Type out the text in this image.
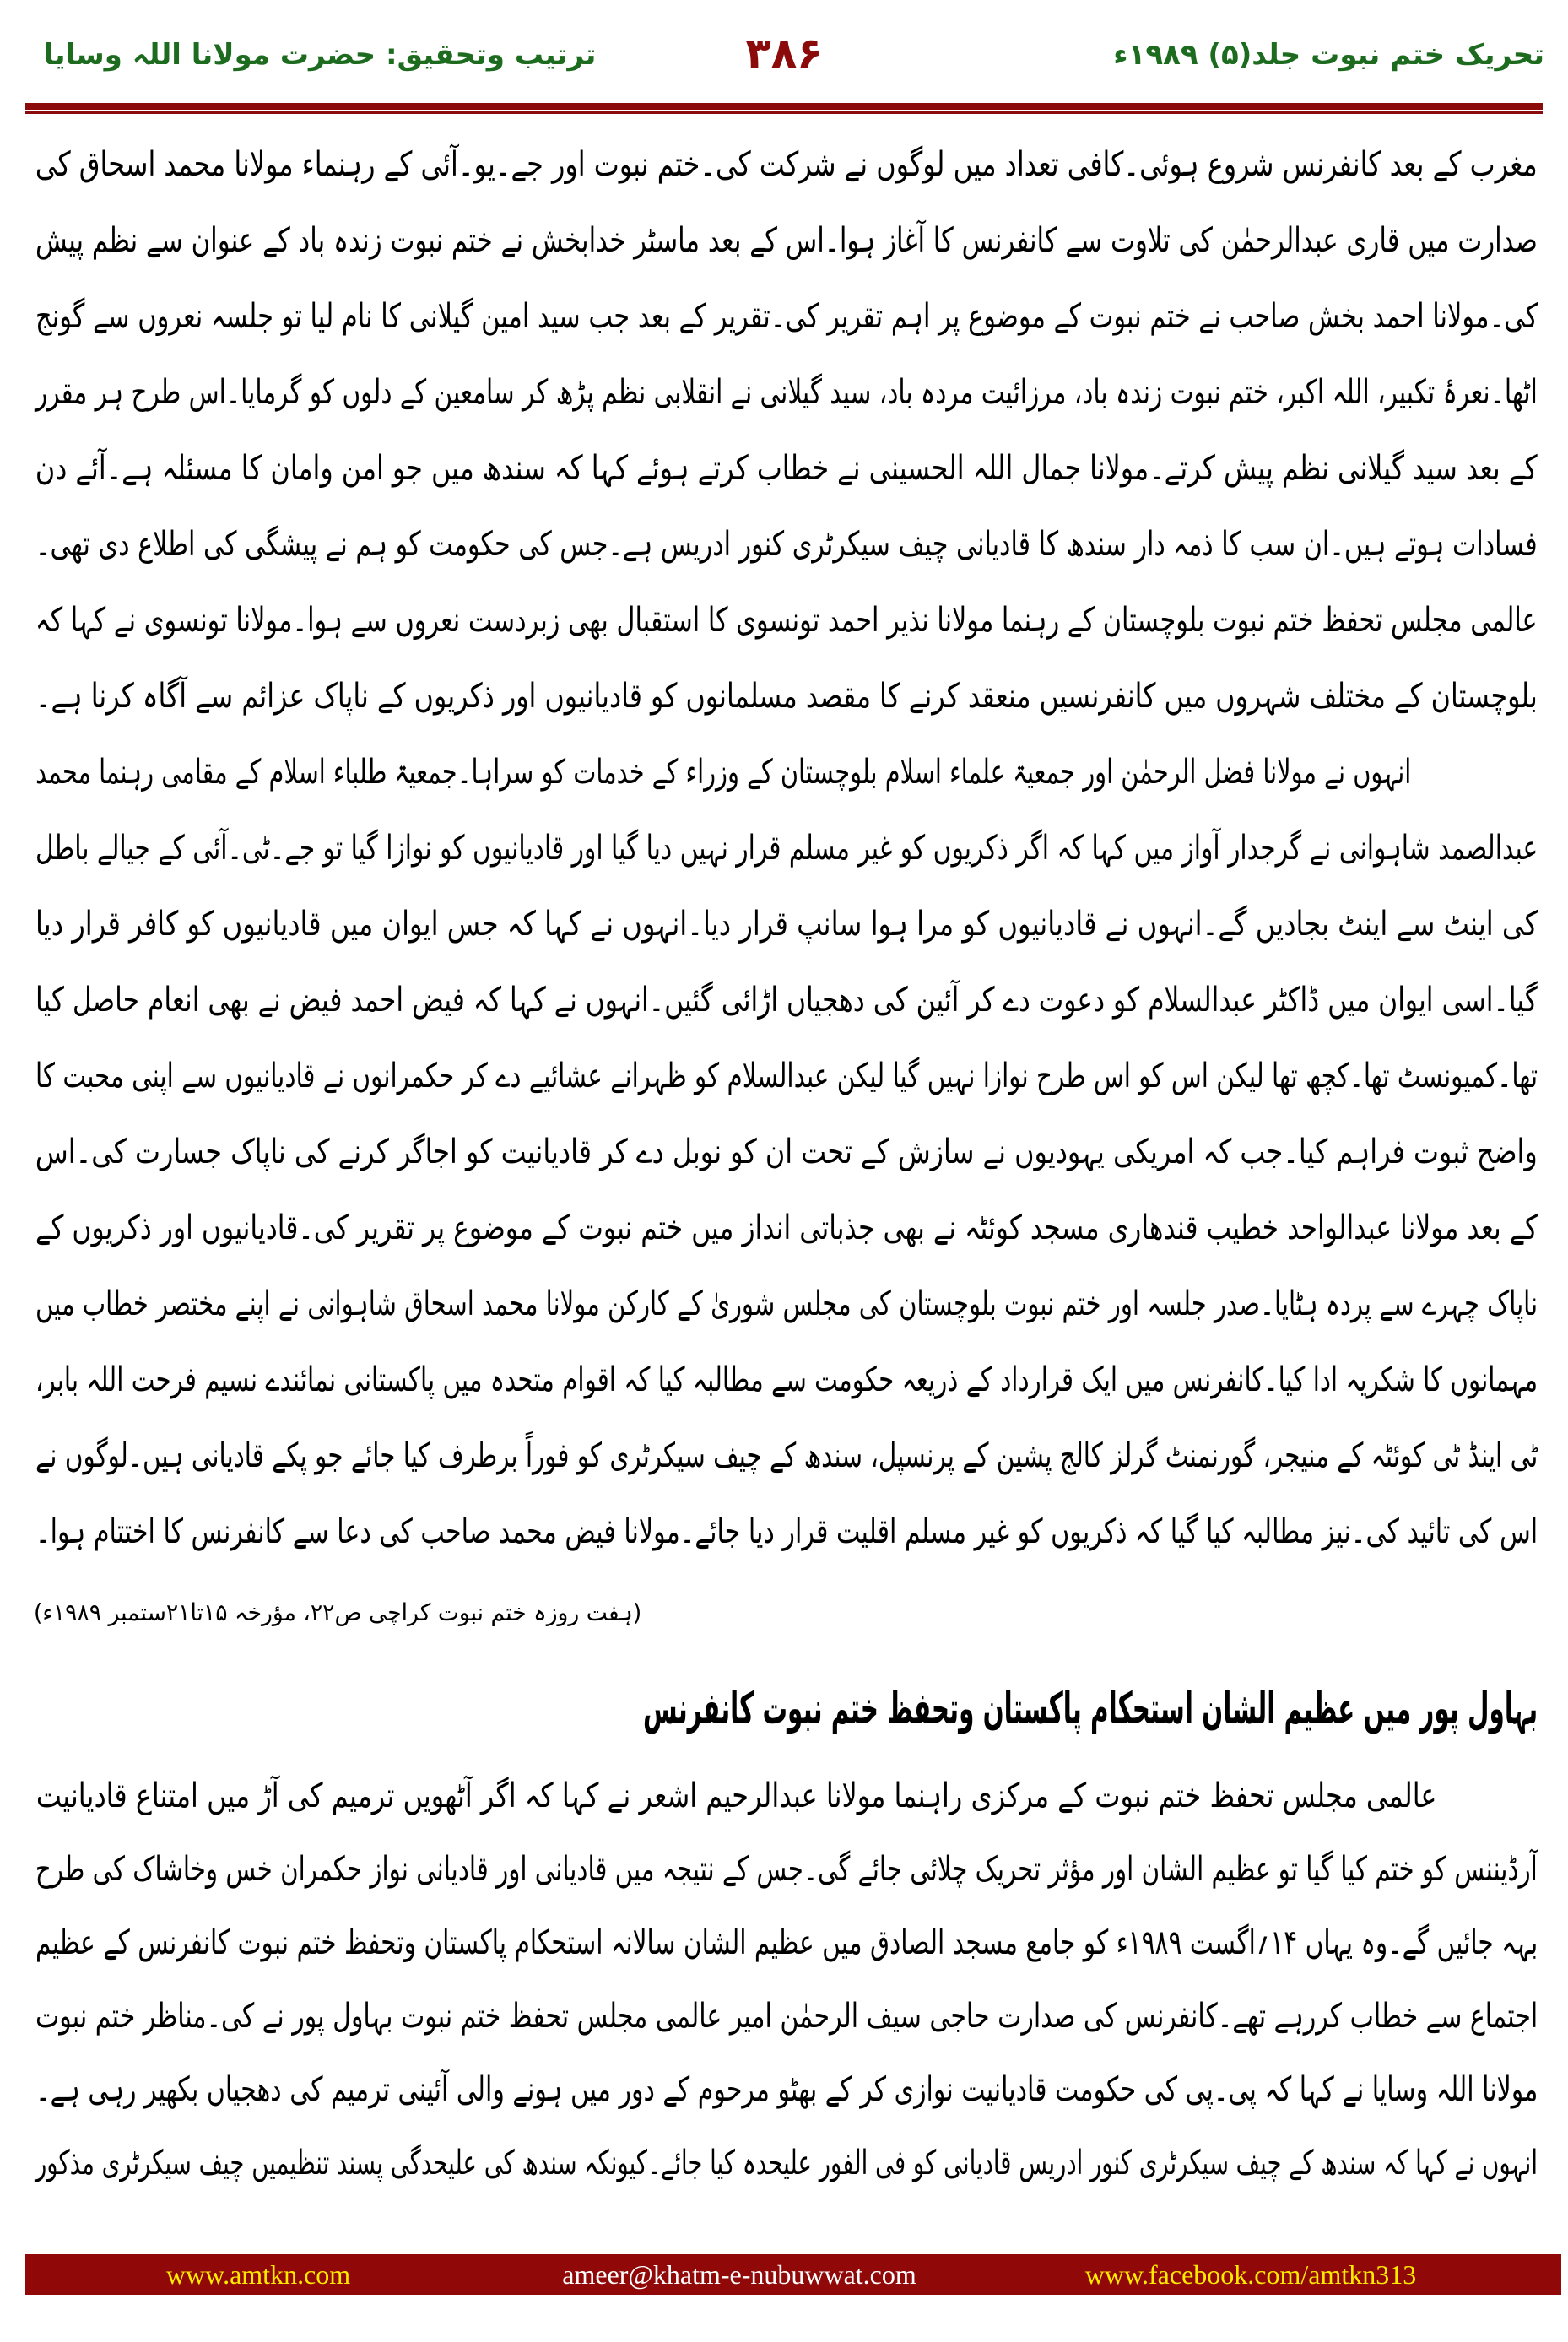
تحریک ختم نبوت جلد(۵) ۱۹۸۹ء
۳۸۶
ترتیب وتحقیق: حضرت مولانا اللہ وسایا
مغرب کے بعد کانفرنس شروع ہوئی۔کافی تعداد میں لوگوں نے شرکت کی۔ختم نبوت اور جے۔یو۔آئی کے رہنماء مولانا محمد اسحاق کی
صدارت میں قاری عبدالرحمٰن کی تلاوت سے کانفرنس کا آغاز ہوا۔اس کے بعد ماسٹر خدابخش نے ختم نبوت زندہ باد کے عنوان سے نظم پیش
کی۔مولانا احمد بخش صاحب نے ختم نبوت کے موضوع پر اہم تقریر کی۔تقریر کے بعد جب سید امین گیلانی کا نام لیا تو جلسہ نعروں سے گونج
اٹھا۔نعرۂ تکبیر، اللہ اکبر، ختم نبوت زندہ باد، مرزائیت مردہ باد، سید گیلانی نے انقلابی نظم پڑھ کر سامعین کے دلوں کو گرمایا۔اس طرح ہر مقرر
کے بعد سید گیلانی نظم پیش کرتے۔مولانا جمال اللہ الحسینی نے خطاب کرتے ہوئے کہا کہ سندھ میں جو امن وامان کا مسئلہ ہے۔آئے دن
فسادات ہوتے ہیں۔ان سب کا ذمہ دار سندھ کا قادیانی چیف سیکرٹری کنور ادریس ہے۔جس کی حکومت کو ہم نے پیشگی کی اطلاع دی تھی۔
عالمی مجلس تحفظ ختم نبوت بلوچستان کے رہنما مولانا نذیر احمد تونسوی کا استقبال بھی زبردست نعروں سے ہوا۔مولانا تونسوی نے کہا کہ
بلوچستان کے مختلف شہروں میں کانفرنسیں منعقد کرنے کا مقصد مسلمانوں کو قادیانیوں اور ذکریوں کے ناپاک عزائم سے آگاہ کرنا ہے۔
انہوں نے مولانا فضل الرحمٰن اور جمعیۃ علماء اسلام بلوچستان کے وزراء کے خدمات کو سراہا۔جمعیۃ طلباء اسلام کے مقامی رہنما محمد
عبدالصمد شاہوانی نے گرجدار آواز میں کہا کہ اگر ذکریوں کو غیر مسلم قرار نہیں دیا گیا اور قادیانیوں کو نوازا گیا تو جے۔ٹی۔آئی کے جیالے باطل
کی اینٹ سے اینٹ بجادیں گے۔انہوں نے قادیانیوں کو مرا ہوا سانپ قرار دیا۔انہوں نے کہا کہ جس ایوان میں قادیانیوں کو کافر قرار دیا
گیا۔اسی ایوان میں ڈاکٹر عبدالسلام کو دعوت دے کر آئین کی دھجیاں اڑائی گئیں۔انہوں نے کہا کہ فیض احمد فیض نے بھی انعام حاصل کیا
تھا۔کمیونسٹ تھا۔کچھ تھا لیکن اس کو اس طرح نوازا نہیں گیا لیکن عبدالسلام کو ظہرانے عشائیے دے کر حکمرانوں نے قادیانیوں سے اپنی محبت کا
واضح ثبوت فراہم کیا۔جب کہ امریکی یہودیوں نے سازش کے تحت ان کو نوبل دے کر قادیانیت کو اجاگر کرنے کی ناپاک جسارت کی۔اس
کے بعد مولانا عبدالواحد خطیب قندھاری مسجد کوئٹہ نے بھی جذباتی انداز میں ختم نبوت کے موضوع پر تقریر کی۔قادیانیوں اور ذکریوں کے
ناپاک چہرے سے پردہ ہٹایا۔صدر جلسہ اور ختم نبوت بلوچستان کی مجلس شوریٰ کے کارکن مولانا محمد اسحاق شاہوانی نے اپنے مختصر خطاب میں
مہمانوں کا شکریہ ادا کیا۔کانفرنس میں ایک قرارداد کے ذریعہ حکومت سے مطالبہ کیا کہ اقوام متحدہ میں پاکستانی نمائندے نسیم فرحت اللہ بابر،
ٹی اینڈ ٹی کوئٹہ کے منیجر، گورنمنٹ گرلز کالج پشین کے پرنسپل، سندھ کے چیف سیکرٹری کو فوراً برطرف کیا جائے جو پکے قادیانی ہیں۔لوگوں نے
اس کی تائید کی۔نیز مطالبہ کیا گیا کہ ذکریوں کو غیر مسلم اقلیت قرار دیا جائے۔مولانا فیض محمد صاحب کی دعا سے کانفرنس کا اختتام ہوا۔
عالمی مجلس تحفظ ختم نبوت کے مرکزی راہنما مولانا عبدالرحیم اشعر نے کہا کہ اگر آٹھویں ترمیم کی آڑ میں امتناع قادیانیت
آرڈیننس کو ختم کیا گیا تو عظیم الشان اور مؤثر تحریک چلائی جائے گی۔جس کے نتیجہ میں قادیانی اور قادیانی نواز حکمران خس وخاشاک کی طرح
بہہ جائیں گے۔وہ یہاں ۱۴؍اگست ۱۹۸۹ء کو جامع مسجد الصادق میں عظیم الشان سالانہ استحکام پاکستان وتحفظ ختم نبوت کانفرنس کے عظیم
اجتماع سے خطاب کررہے تھے۔کانفرنس کی صدارت حاجی سیف الرحمٰن امیر عالمی مجلس تحفظ ختم نبوت بہاول پور نے کی۔مناظر ختم نبوت
مولانا اللہ وسایا نے کہا کہ پی۔پی کی حکومت قادیانیت نوازی کر کے بھٹو مرحوم کے دور میں ہونے والی آئینی ترمیم کی دھجیاں بکھیر رہی ہے۔
انہوں نے کہا کہ سندھ کے چیف سیکرٹری کنور ادریس قادیانی کو فی الفور علیحدہ کیا جائے۔کیونکہ سندھ کی علیحدگی پسند تنظیمیں چیف سیکرٹری مذکور
(ہفت روزہ ختم نبوت کراچی ص۲۲، مؤرخہ ۱۵تا۲۱ستمبر ۱۹۸۹ء)
بہاول پور میں عظیم الشان استحکام پاکستان وتحفظ ختم نبوت کانفرنس
www.amtkn.com	ameer@khatm-e-nubuwwat.com	www.facebook.com/amtkn313
